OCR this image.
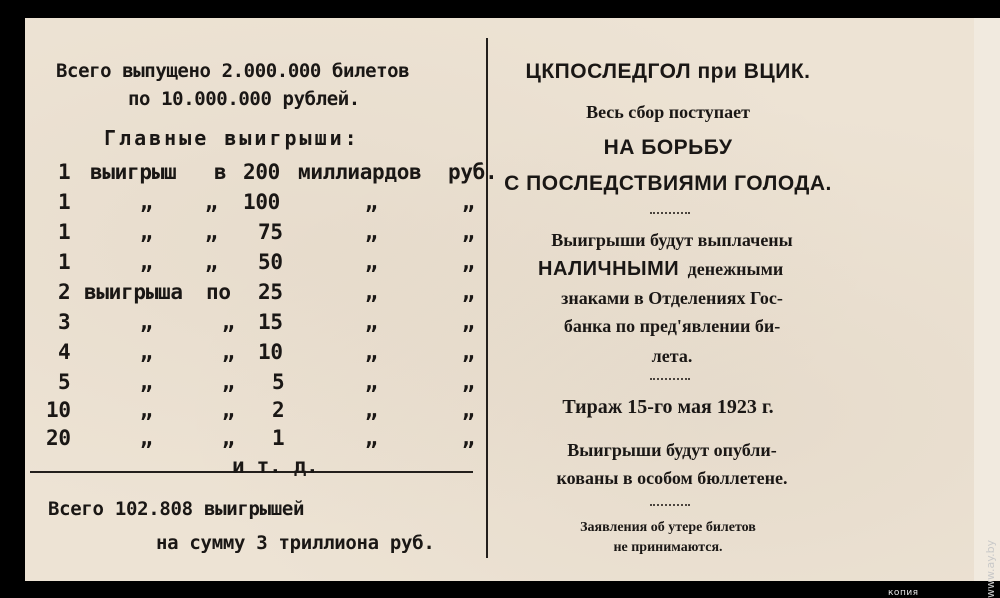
Всего выпущено 2.000.000 билетов
по 10.000.000 рублей.
Главные выигрыши:
1 выигрыш в 200 миллиардов руб.
1	„	„ 100	„	„
1	„	„ 75	„	„
1	„	„ 50	„	„
2 выигрыша по 25	„	„
3	„	„ 15	„	„
4	„	„ 10	„	„
5	„	„ 5	„	„
10	„	„ 2	„	„
20	„	„ 1	„	„
и т. д.
Всего 102.808 выигрышей
на сумму 3 триллиона руб.
ЦКПОСЛЕДГОЛ при ВЦИК.
Весь сбор поступает
НА БОРЬБУ
С ПОСЛЕДСТВИЯМИ ГОЛОДА.
Выигрыши будут выплачены
НАЛИЧНЫМИ денежными
знаками в Отделениях Гос-
банка по пред'явлении би-
лета.
Тираж 15-го мая 1923 г.
Выигрыши будут опубли-
кованы в особом бюллетене.
Заявления об утере билетов
не принимаются.
копия	www.ay.by
